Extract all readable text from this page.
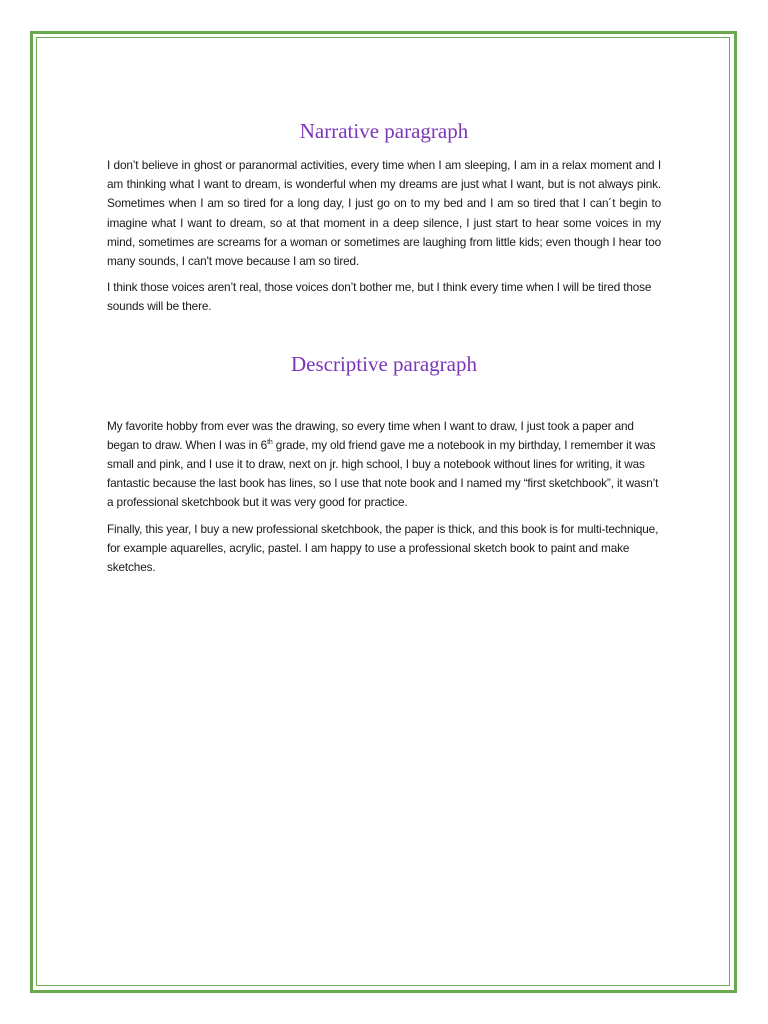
Narrative paragraph

I don’t believe in ghost or paranormal activities, every time when I am sleeping, I am in a relax moment and I am thinking what I want to dream, is wonderful when my dreams are just what I want, but is not always pink. Sometimes when I am so tired for a long day, I just go on to my bed and I am so tired that I can´t begin to imagine what I want to dream, so at that moment in a deep silence, I just start to hear some voices in my mind, sometimes are screams for a woman or sometimes are laughing from little kids; even though I hear too many sounds, I can't move because I am so tired.

I think those voices aren’t real, those voices don’t bother me, but I think every time when I will be tired those sounds will be there.

Descriptive paragraph

My favorite hobby from ever was the drawing, so every time when I want to draw, I just took a paper and began to draw. When I was in 6th grade, my old friend gave me a notebook in my birthday, I remember it was small and pink, and I use it to draw, next on jr. high school, I buy a notebook without lines for writing, it was fantastic because the last book has lines, so I use that note book and I named my “first sketchbook”, it wasn’t a professional sketchbook but it was very good for practice.

Finally, this year, I buy a new professional sketchbook, the paper is thick, and this book is for multi-technique, for example aquarelles, acrylic, pastel. I am happy to use a professional sketch book to paint and make sketches.
